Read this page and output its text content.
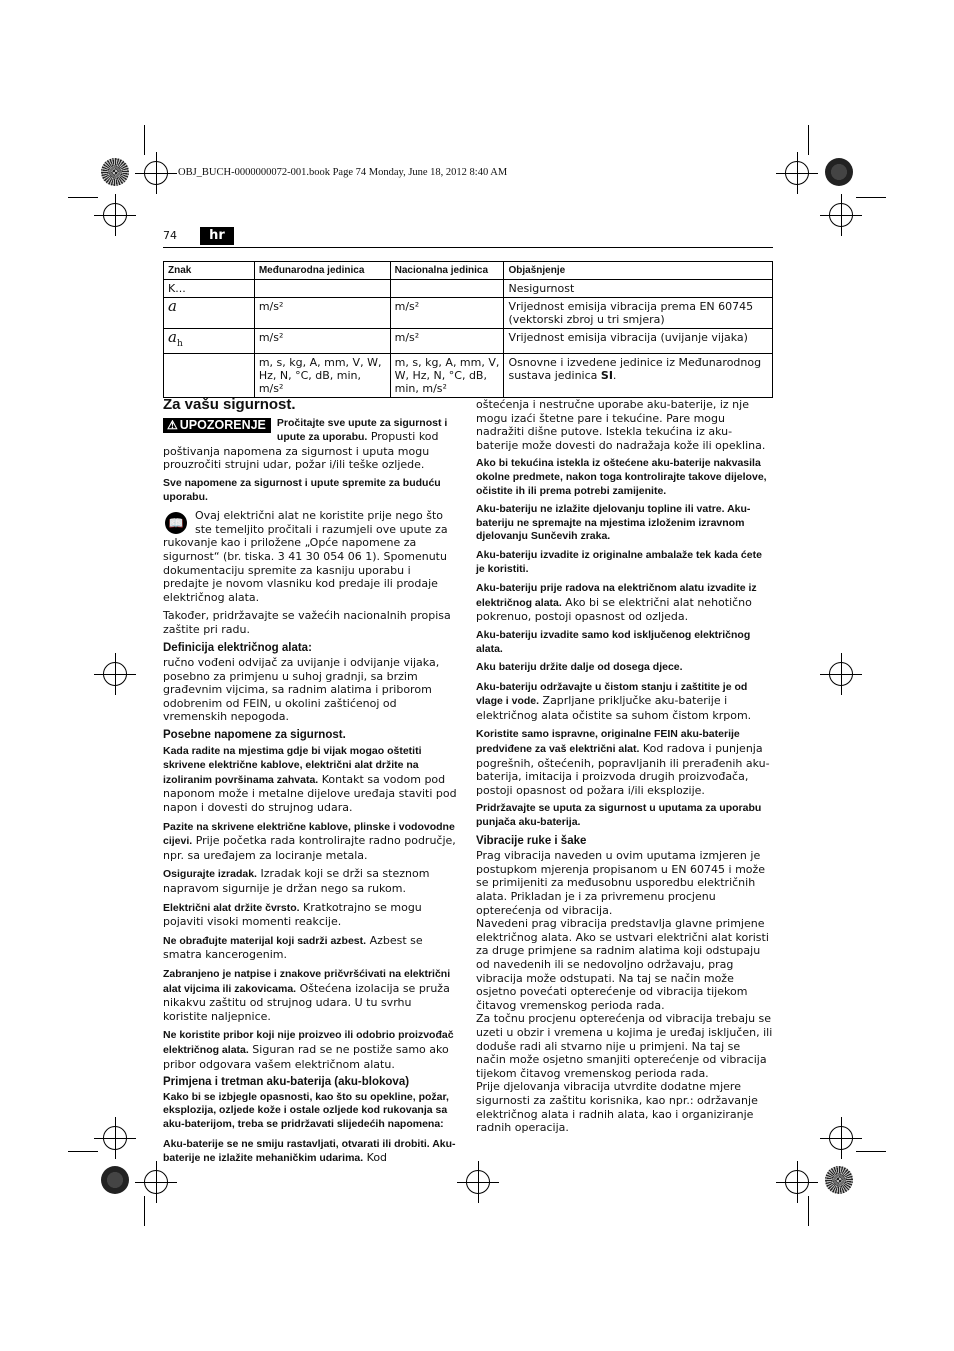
OBJ_BUCH-0000000072-001.book Page 74 Monday, June 18, 2012 8:40 AM
74	hr
Znak	Međunarodna jedinica	Nacionalna jedinica	Objašnjenje
K...			Nesigurnost
a	m/s²	m/s²	Vrijednost emisija vibracija prema EN 60745 (vektorski zbroj u tri smjera)
$a_h$	m/s²	m/s²	Vrijednost emisija vibracija (uvijanje vijaka)
	m, s, kg, A, mm, V, W, Hz, N, °C, dB, min, m/s²	m, s, kg, A, mm, V, W, Hz, N, °C, dB, min, m/s²	Osnovne i izvedene jedinice iz Međunarodnog sustava jedinica SI.
Za vašu sigurnost.

⚠ UPOZORENJE	Pročitajte sve upute za sigurnost i upute za uporabu. Propusti kod poštivanja napomena za sigurnost i uputa mogu prouzročiti strujni udar, požar i/ili teške ozljede.

Sve napomene za sigurnost i upute spremite za buduću uporabu.

📖
Ovaj električni alat ne koristite prije nego što ste temeljito pročitali i razumjeli ove upute za rukovanje kao i priložene „Opće napomene za sigurnost“ (br. tiska. 3 41 30 054 06 1). Spomenutu dokumentaciju spremite za kasniju uporabu i predajte je novom vlasniku kod predaje ili prodaje električnog alata.

Također, pridržavajte se važećih nacionalnih propisa zaštite pri radu.

Definicija električnog alata:

ručno vođeni odvijač za uvijanje i odvijanje vijaka, posebno za primjenu u suhoj gradnji, sa brzim građevnim vijcima, sa radnim alatima i priborom odobrenim od FEIN, u okolini zaštićenoj od vremenskih nepogoda.

Posebne napomene za sigurnost.

Kada radite na mjestima gdje bi vijak mogao oštetiti skrivene električne kablove, električni alat držite na izoliranim površinama zahvata. Kontakt sa vodom pod naponom može i metalne dijelove uređaja staviti pod napon i dovesti do strujnog udara.

Pazite na skrivene električne kablove, plinske i vodovodne cijevi. Prije početka rada kontrolirajte radno područje, npr. sa uređajem za lociranje metala.

Osigurajte izradak. Izradak koji se drži sa steznom napravom sigurnije je držan nego sa rukom.

Električni alat držite čvrsto. Kratkotrajno se mogu pojaviti visoki momenti reakcije.

Ne obrađujte materijal koji sadrži azbest. Azbest se smatra kancerogenim.

Zabranjeno je natpise i znakove pričvršćivati na električni alat vijcima ili zakovicama. Oštećena izolacija se pruža nikakvu zaštitu od strujnog udara. U tu svrhu koristite naljepnice.

Ne koristite pribor koji nije proizveo ili odobrio proizvođač električnog alata. Siguran rad se ne postiže samo ako pribor odgovara vašem električnom alatu.

Primjena i tretman aku-baterija (aku-blokova)

Kako bi se izbjegle opasnosti, kao što su opekline, požar, eksplozija, ozljede kože i ostale ozljede kod rukovanja sa aku-baterijom, treba se pridržavati slijedećih napomena:

Aku-baterije se ne smiju rastavljati, otvarati ili drobiti. Aku-baterije ne izlažite mehaničkim udarima. Kod

oštećenja i nestručne uporabe aku-baterije, iz nje mogu izaći štetne pare i tekućine. Pare mogu nadražiti dišne putove. Istekla tekućina iz aku-baterije može dovesti do nadražaja kože ili opeklina.

Ako bi tekućina istekla iz oštećene aku-baterije nakvasila okolne predmete, nakon toga kontrolirajte takove dijelove, očistite ih ili prema potrebi zamijenite.

Aku-bateriju ne izlažite djelovanju topline ili vatre. Aku-bateriju ne spremajte na mjestima izloženim izravnom djelovanju Sunčevih zraka.

Aku-bateriju izvadite iz originalne ambalaže tek kada ćete je koristiti.

Aku-bateriju prije radova na električnom alatu izvadite iz električnog alata. Ako bi se električni alat nehotično pokrenuo, postoji opasnost od ozljeda.

Aku-bateriju izvadite samo kod isključenog električnog alata.

Aku bateriju držite dalje od dosega djece.

Aku-bateriju održavajte u čistom stanju i zaštitite je od vlage i vode. Zaprljane priključke aku-baterije i električnog alata očistite sa suhom čistom krpom.

Koristite samo ispravne, originalne FEIN aku-baterije predviđene za vaš električni alat. Kod radova i punjenja pogrešnih, oštećenih, popravljanih ili prerađenih aku-baterija, imitacija i proizvoda drugih proizvođača, postoji opasnost od požara i/ili eksplozije.

Pridržavajte se uputa za sigurnost u uputama za uporabu punjača aku-baterija.

Vibracije ruke i šake

Prag vibracija naveden u ovim uputama izmjeren je postupkom mjerenja propisanom u EN 60745 i može se primijeniti za međusobnu usporedbu električnih alata. Prikladan je i za privremenu procjenu opterećenja od vibracija.

Navedeni prag vibracija predstavlja glavne primjene električnog alata. Ako se ustvari električni alat koristi za druge primjene sa radnim alatima koji odstupaju od navedenih ili se nedovoljno održavaju, prag vibracija može odstupati. Na taj se način može osjetno povećati opterećenje od vibracija tijekom čitavog vremenskog perioda rada.

Za točnu procjenu opterećenja od vibracija trebaju se uzeti u obzir i vremena u kojima je uređaj isključen, ili doduše radi ali stvarno nije u primjeni. Na taj se način može osjetno smanjiti opterećenje od vibracija tijekom čitavog vremenskog perioda rada.

Prije djelovanja vibracija utvrdite dodatne mjere sigurnosti za zaštitu korisnika, kao npr.: održavanje električnog alata i radnih alata, kao i organiziranje radnih operacija.
